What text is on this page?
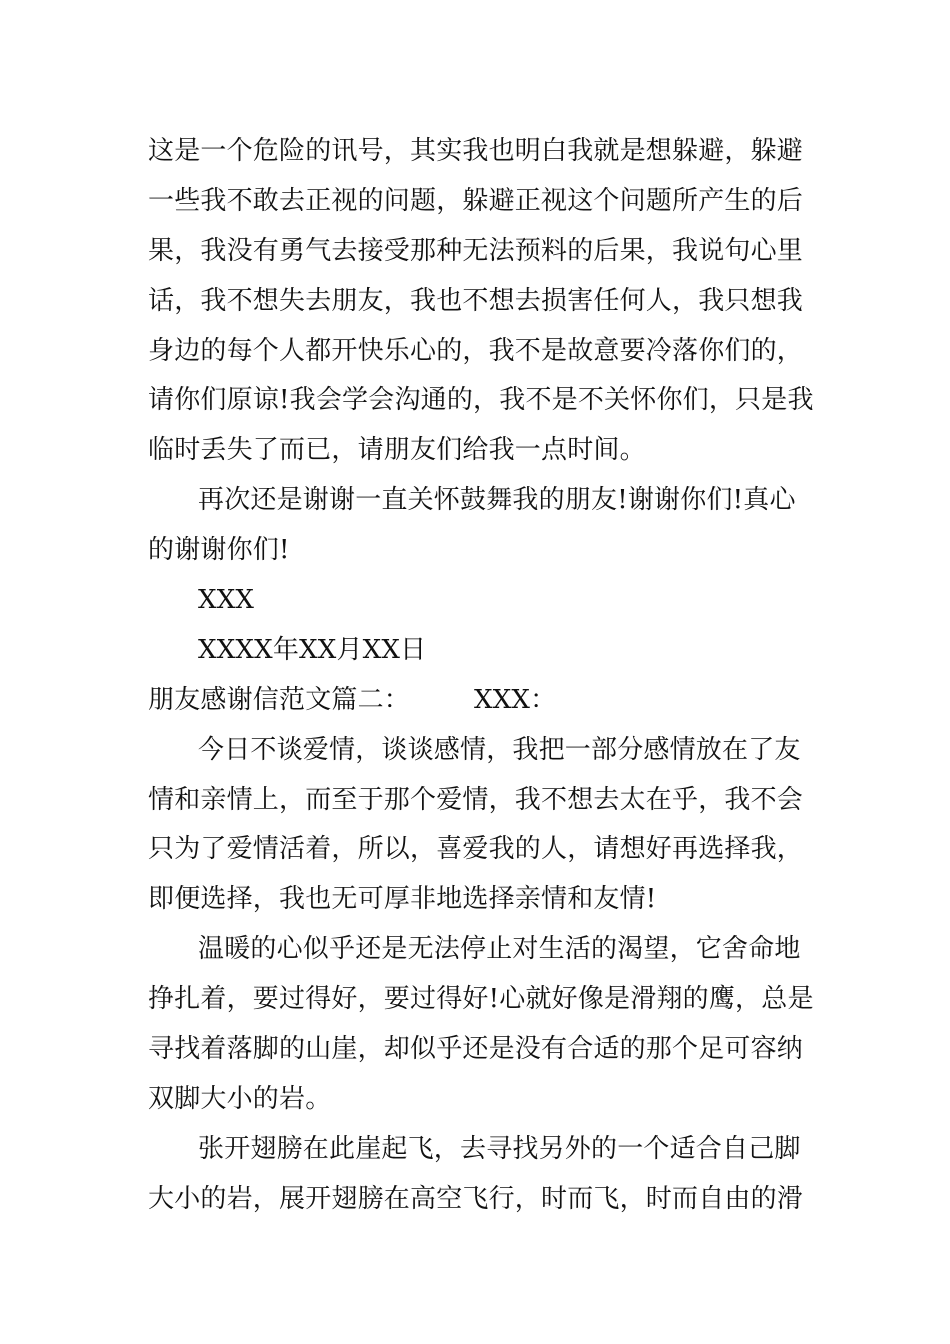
这是一个危险的讯号，其实我也明白我就是想躲避，躲避
一些我不敢去正视的问题，躲避正视这个问题所产生的后
果，我没有勇气去接受那种无法预料的后果，我说句心里
话，我不想失去朋友，我也不想去损害任何人，我只想我
身边的每个人都开快乐心的，我不是故意要冷落你们的，
请你们原谅!我会学会沟通的，我不是不关怀你们，只是我
临时丢失了而已，请朋友们给我一点时间。
再次还是谢谢一直关怀鼓舞我的朋友!谢谢你们!真心
的谢谢你们!
XXX
XXXX年XX月XX日
朋友感谢信范文篇二： XXX：
今日不谈爱情，谈谈感情，我把一部分感情放在了友
情和亲情上，而至于那个爱情，我不想去太在乎，我不会
只为了爱情活着，所以，喜爱我的人，请想好再选择我，
即便选择，我也无可厚非地选择亲情和友情!
温暖的心似乎还是无法停止对生活的渴望，它舍命地
挣扎着，要过得好，要过得好!心就好像是滑翔的鹰，总是
寻找着落脚的山崖，却似乎还是没有合适的那个足可容纳
双脚大小的岩。
张开翅膀在此崖起飞，去寻找另外的一个适合自己脚
大小的岩，展开翅膀在高空飞行，时而飞，时而自由的滑
